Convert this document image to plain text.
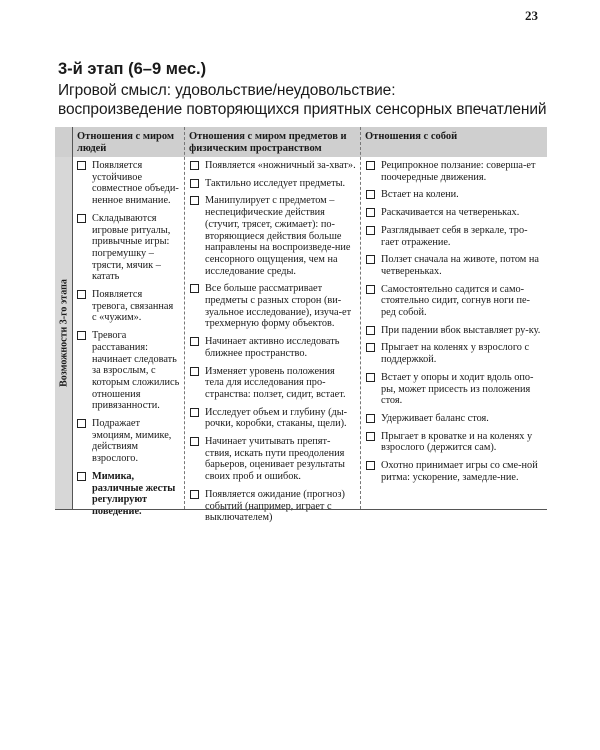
23

3-й этап (6–9 мес.)

Игровой смысл: удовольствие/неудовольствие:

воспроизведение повторяющихся приятных сенсорных впечатлений

Отношения с миром людей
Отношения с миром предметов и физическим пространством
Отношения с собой
Возможности 3-го этапа
Появляется устойчивое совместное объеди-ненное внимание.
Складываются игровые ритуалы, привычные игры: погремушку – трясти, мячик – катать
Появляется тревога, связанная с «чужим».
Тревога расставания: начинает следовать за взрослым, с которым сложились отношения привязанности.
Подражает эмоциям, мимике, действиям взрослого.
Мимика, различные жесты регулируют поведение.
Появляется «ножничный за-хват».
Тактильно исследует предметы.
Манипулирует с предметом – неспецифические действия (стучит, трясет, сжимает): по-вторяющиеся действия больше направлены на воспроизведе-ние сенсорного ощущения, чем на исследование среды.
Все больше рассматривает предметы с разных сторон (ви-зуальное исследование), изуча-ет трехмерную форму объектов.
Начинает активно исследовать ближнее пространство.
Изменяет уровень положения тела для исследования про-странства: ползет, сидит, встает.
Исследует объем и глубину (ды-рочки, коробки, стаканы, щели).
Начинает учитывать препят-ствия, искать пути преодоления барьеров, оценивает результаты своих проб и ошибок.
Появляется ожидание (прогноз) событий (например, играет с выключателем)
Реципрокное ползание: соверша-ет поочередные движения.
Встает на колени.
Раскачивается на четвереньках.
Разглядывает себя в зеркале, тро-гает отражение.
Ползет сначала на животе, потом на четвереньках.
Самостоятельно садится и само-стоятельно сидит, согнув ноги пе-ред собой.
При падении вбок выставляет ру-ку.
Прыгает на коленях у взрослого с поддержкой.
Встает у опоры и ходит вдоль опо-ры, может присесть из положения стоя.
Удерживает баланс стоя.
Прыгает в кроватке и на коленях у взрослого (держится сам).
Охотно принимает игры со сме-ной ритма: ускорение, замедле-ние.
